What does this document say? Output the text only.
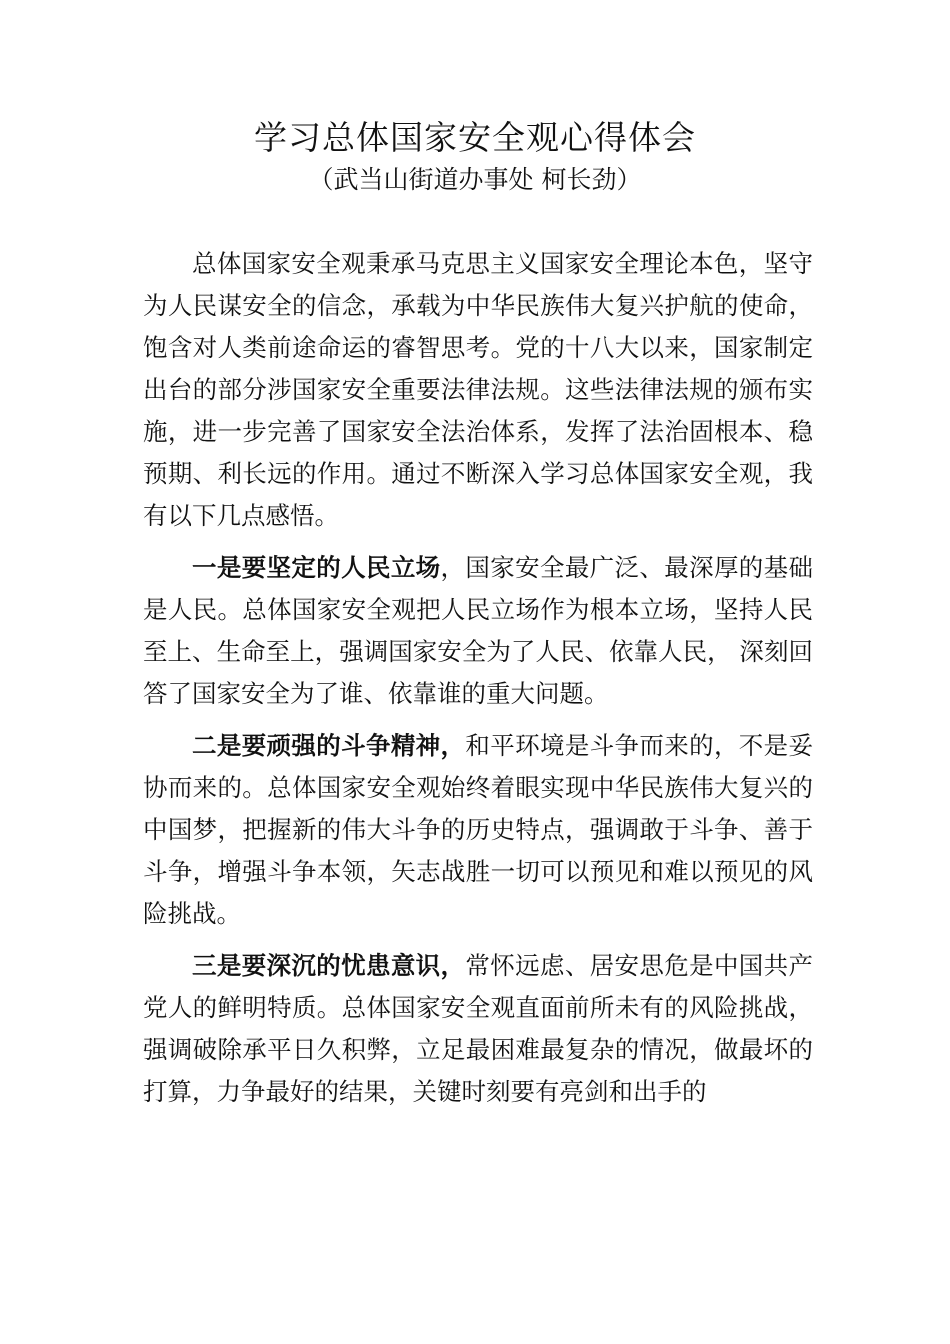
学习总体国家安全观心得体会
（武当山街道办事处 柯长劲）

总体国家安全观秉承马克思主义国家安全理论本色，坚守为人民谋安全的信念，承载为中华民族伟大复兴护航的使命，饱含对人类前途命运的睿智思考。党的十八大以来，国家制定出台的部分涉国家安全重要法律法规。这些法律法规的颁布实施，进一步完善了国家安全法治体系，发挥了法治固根本、稳预期、利长远的作用。通过不断深入学习总体国家安全观，我有以下几点感悟。

一是要坚定的人民立场，国家安全最广泛、最深厚的基础是人民。总体国家安全观把人民立场作为根本立场，坚持人民至上、生命至上，强调国家安全为了人民、依靠人民， 深刻回答了国家安全为了谁、依靠谁的重大问题。

二是要顽强的斗争精神，和平环境是斗争而来的，不是妥协而来的。总体国家安全观始终着眼实现中华民族伟大复兴的中国梦，把握新的伟大斗争的历史特点，强调敢于斗争、善于斗争，增强斗争本领，矢志战胜一切可以预见和难以预见的风险挑战。

三是要深沉的忧患意识，常怀远虑、居安思危是中国共产党人的鲜明特质。总体国家安全观直面前所未有的风险挑战，强调破除承平日久积弊，立足最困难最复杂的情况，做最坏的打算，力争最好的结果，关键时刻要有亮剑和出手的
